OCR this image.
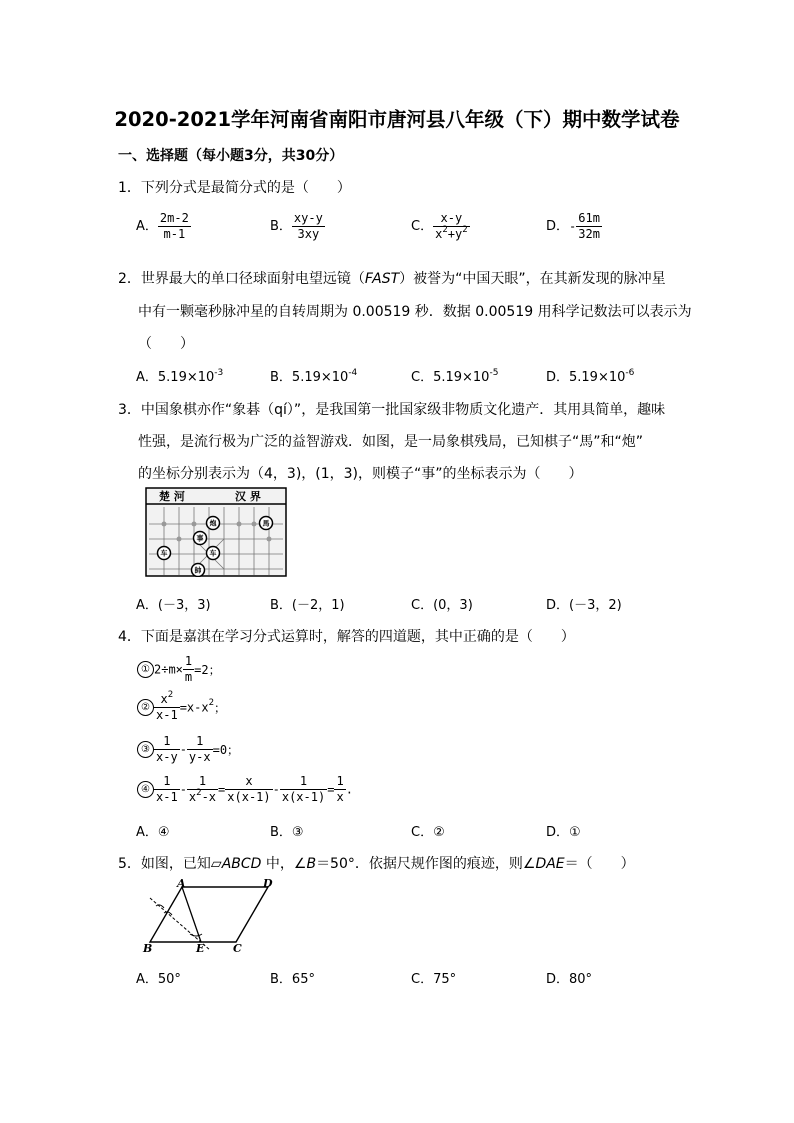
2020-2021学年河南省南阳市唐河县八年级（下）期中数学试卷
一、选择题（每小题3分，共30分）
1．下列分式是最简分式的是（　　）
A． $\frac{2m-2}{m-1}$	B． $\frac{xy-y}{3xy}$	C． $\frac{x-y}{x^2+y^2}$	D．- $\frac{61m}{32m}$
2．世界最大的单口径球面射电望远镜（FAST）被誉为“中国天眼”，在其新发现的脉冲星
中有一颗毫秒脉冲星的自转周期为 0.00519 秒．数据 0.00519 用科学记数法可以表示为
（　　）
A．$5.19\times 10^{-3}$	B．$5.19\times 10^{-4}$	C．$5.19\times 10^{-5}$	D．$5.19\times 10^{-6}$
3．中国象棋亦作“象碁（qí）”，是我国第一批国家级非物质文化遗产．其用具简单，趣味
性强，是流行极为广泛的益智游戏．如图，是一局象棋残局，已知棋子“馬”和“炮”
的坐标分别表示为（4，3)，(1，3)，则模子“事”的坐标表示为（　　）
楚 河	汉 界
炮	馬
事
车	车
帥
A．(－3，3)	B．(－2，1)	C．(0，3)	D．(－3，2)
4．下面是嘉淇在学习分式运算时，解答的四道题，其中正确的是（　　）
① $2\div m\times \frac{1}{m} =2$；
② $\frac{x^2}{x-1} =x-x^2$；
③ $\frac{1}{x-y} - \frac{1}{y-x} =0$；
④ $\frac{1}{x-1} - \frac{1}{x^2-x} = \frac{x}{x(x-1)} - \frac{1}{x(x-1)} = \frac{1}{x}$ .
A．④	B．③	C．②	D．①
5．如图，已知▱ABCD 中，∠B＝50°．依据尺规作图的痕迹，则∠DAE＝（　　）
A	D
B	E	C
A．50°	B．65°	C．75°	D．80°
